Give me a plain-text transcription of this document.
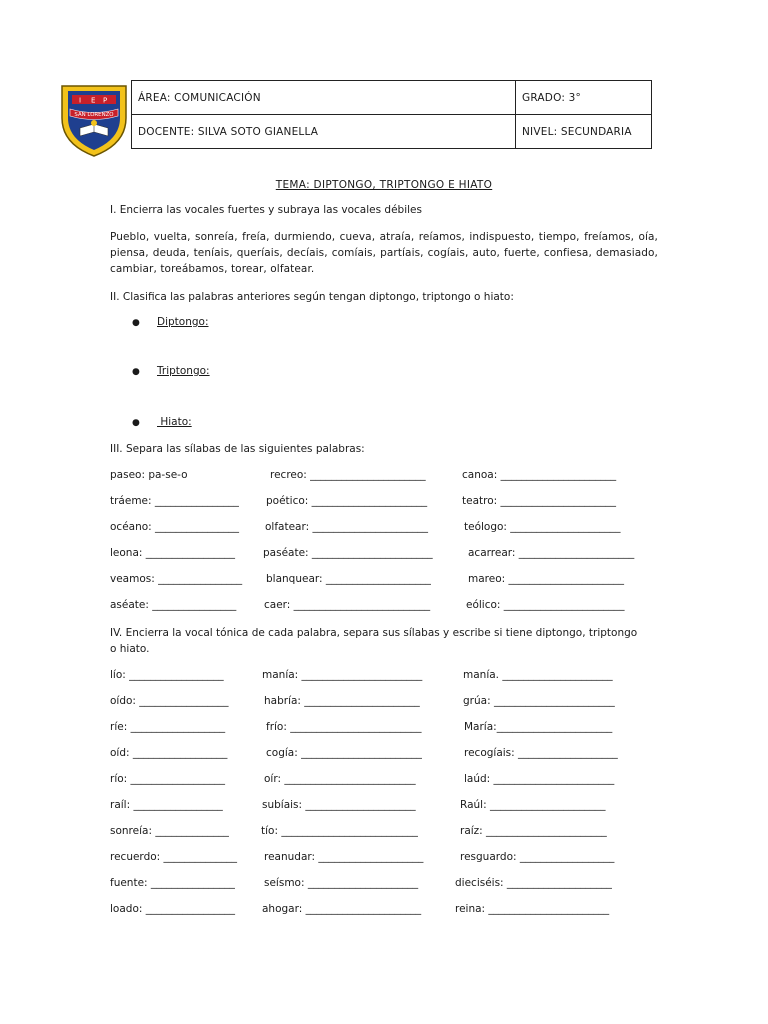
I E P
SAN LORENZO
ÁREA: COMUNICACIÓN	GRADO: 3°
DOCENTE: SILVA SOTO GIANELLA	NIVEL: SECUNDARIA
TEMA: DIPTONGO, TRIPTONGO E HIATO
I. Encierra las vocales fuertes y subraya las vocales débiles
Pueblo, vuelta, sonreía, freía, durmiendo, cueva, atraía, reíamos, indispuesto, tiempo, freíamos, oía, piensa, deuda, teníais, queríais, decíais, comíais, partíais, cogíais, auto, fuerte, confiesa, demasiado, cambiar, toreábamos, torear, olfatear.
II. Clasifica las palabras anteriores según tengan diptongo, triptongo o hiato:
● Diptongo:
● Triptongo:
● Hiato:
III. Separa las sílabas de las siguientes palabras:
paseo: pa-se-o	recreo: ______________________	canoa: ______________________
tráeme: ________________	poético: ______________________	teatro: ______________________
océano: ________________ olfatear: ______________________	teólogo: _____________________
leona: _________________	paséate: _______________________	acarrear: ______________________
veamos: ________________ blanquear: ____________________	mareo: ______________________
aséate: ________________	caer: __________________________	eólico: _______________________
IV. Encierra la vocal tónica de cada palabra, separa sus sílabas y escribe si tiene diptongo, triptongo
o hiato.
lío: __________________	manía: _______________________	manía. _____________________
oído: _________________	habría: ______________________	grúa: _______________________
ríe: __________________	frío: _________________________	María:______________________
oíd: __________________	cogía: _______________________	recogíais: ___________________
río: __________________	oír: _________________________	laúd: _______________________
raíl: _________________	subíais: _____________________	Raúl: ______________________
sonreía: ______________	tío: __________________________	raíz: _______________________
recuerdo: ______________	reanudar: ____________________	resguardo: __________________
fuente: ________________	seísmo: _____________________	dieciséis: ____________________
loado: _________________	ahogar: ______________________	reina: _______________________
